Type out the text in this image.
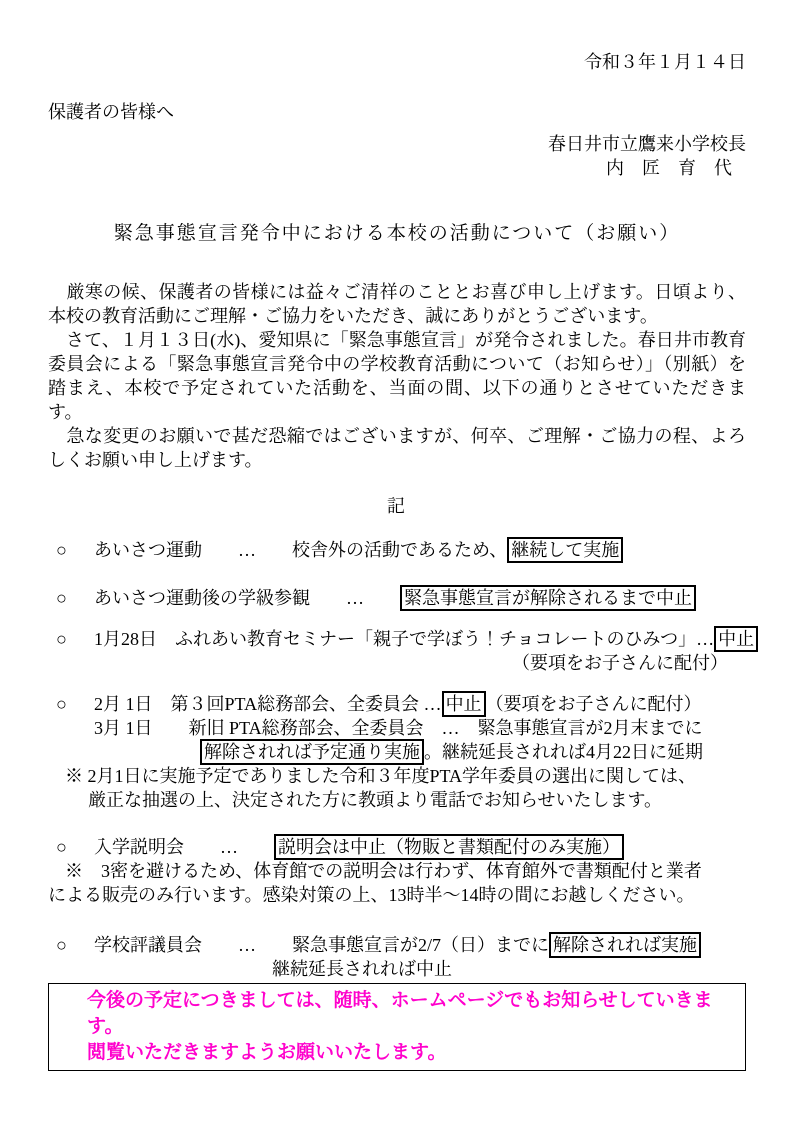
令和３年１月１４日
保護者の皆様へ
春日井市立鷹来小学校長
内　匠　育　代
緊急事態宣言発令中における本校の活動について（お願い）

　厳寒の候、保護者の皆様には益々ご清祥のこととお喜び申し上げます。日頃より、本校の教育活動にご理解・ご協力をいただき、誠にありがとうございます。

　さて、１月１３日(水)、愛知県に「緊急事態宣言」が発令されました。春日井市教育委員会による「緊急事態宣言発令中の学校教育活動について（お知らせ）」（別紙）を踏まえ、本校で予定されていた活動を、当面の間、以下の通りとさせていただきます。

　急な変更のお願いで甚だ恐縮ではございますが、何卒、ご理解・ご協力の程、よろしくお願い申し上げます。

記
○ あいさつ運動　　…　　校舎外の活動であるため、 継続して実施
○ あいさつ運動後の学級参観　　…　　緊急事態宣言が解除されるまで中止
○ 1月28日　ふれあい教育セミナー「親子で学ぼう！チョコレートのひみつ」… 中止
（要項をお子さんに配付）
○ 2月 1日　第３回PTA総務部会、全委員会 … 中止 （要項をお子さんに配付）
3月 1日　　新旧 PTA総務部会、全委員会　…　緊急事態宣言が2月末までに
解除されれば予定通り実施 。継続延長されれば4月22日に延期
※ 2月1日に実施予定でありました令和３年度PTA学年委員の選出に関しては、
厳正な抽選の上、決定された方に教頭より電話でお知らせいたします。
○ 入学説明会　　…　　説明会は中止（物販と書類配付のみ実施）
※　3密を避けるため、体育館での説明会は行わず、体育館外で書類配付と業者
による販売のみ行います。感染対策の上、13時半～14時の間にお越しください。
○ 学校評議員会　　…　　緊急事態宣言が2/7（日）までに 解除されれば実施
継続延長されれば中止
今後の予定につきましては、随時、ホームページでもお知らせしていきます。
閲覧いただきますようお願いいたします。
